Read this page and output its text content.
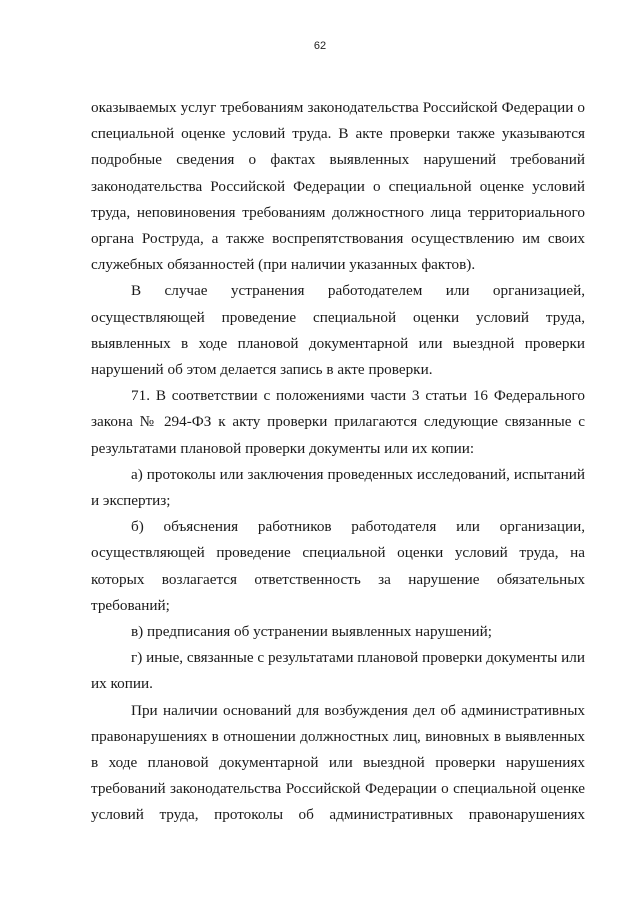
62

оказываемых услуг требованиям законодательства Российской Федерации о специальной оценке условий труда. В акте проверки также указываются подробные сведения о фактах выявленных нарушений требований законодательства Российской Федерации о специальной оценке условий труда, неповиновения требованиям должностного лица территориального органа Роструда, а также воспрепятствования осуществлению им своих служебных обязанностей (при наличии указанных фактов).

В случае устранения работодателем или организацией, осуществляющей проведение специальной оценки условий труда, выявленных в ходе плановой документарной или выездной проверки нарушений об этом делается запись в акте проверки.

71. В соответствии с положениями части 3 статьи 16 Федерального закона № 294-ФЗ к акту проверки прилагаются следующие связанные с результатами плановой проверки документы или их копии:

а) протоколы или заключения проведенных исследований, испытаний и экспертиз;

б) объяснения работников работодателя или организации, осуществляющей проведение специальной оценки условий труда, на которых возлагается ответственность за нарушение обязательных требований;

в) предписания об устранении выявленных нарушений;

г) иные, связанные с результатами плановой проверки документы или их копии.

При наличии оснований для возбуждения дел об административных правонарушениях в отношении должностных лиц, виновных в выявленных в ходе плановой документарной или выездной проверки нарушениях требований законодательства Российской Федерации о специальной оценке условий труда, протоколы об административных правонарушениях
